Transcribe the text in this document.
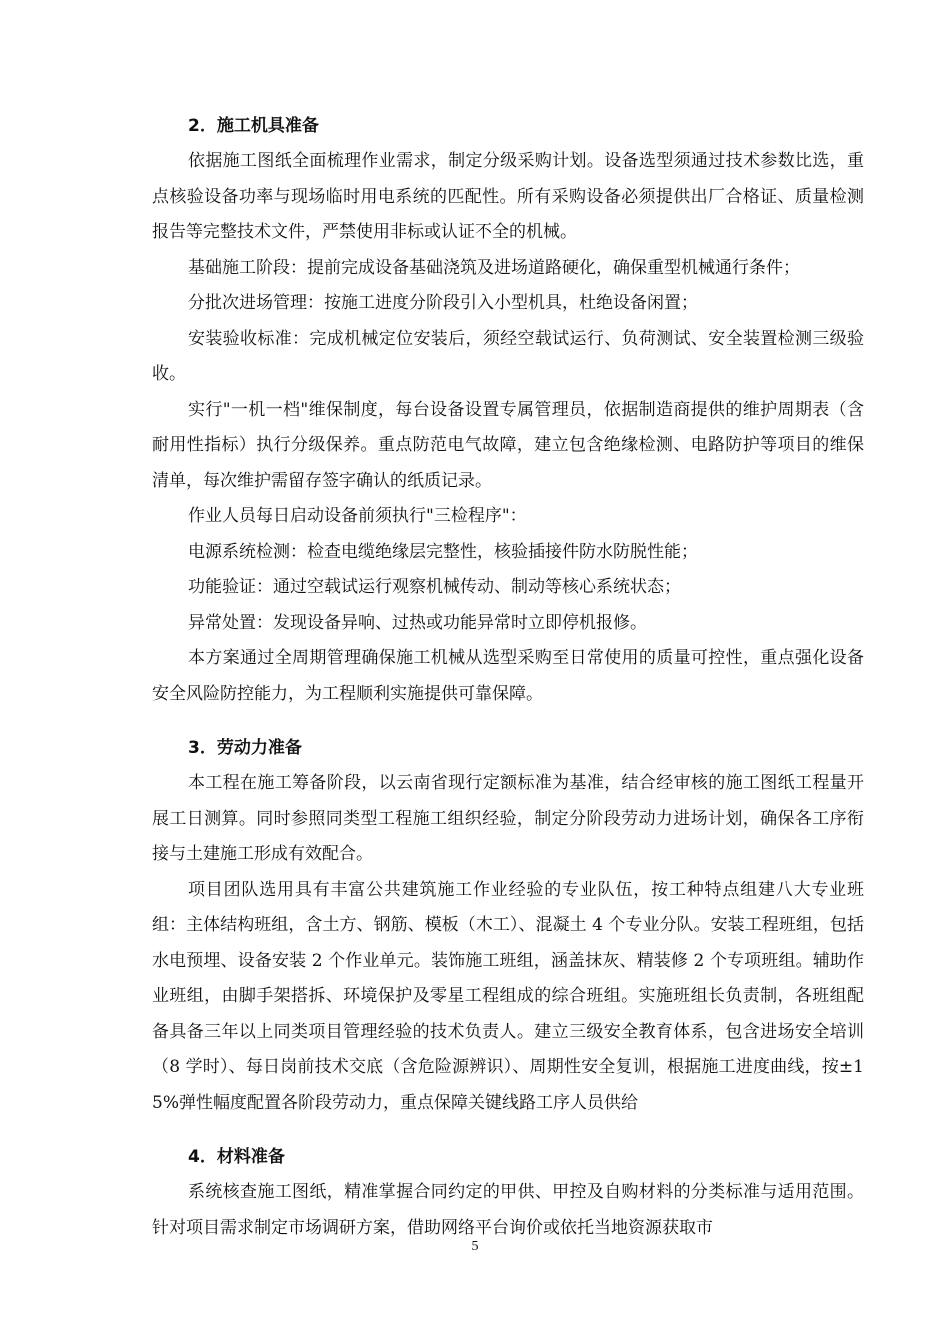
2．施工机具准备

依据施工图纸全面梳理作业需求，制定分级采购计划。设备选型须通过技术参数比选，重点核验设备功率与现场临时用电系统的匹配性。所有采购设备必须提供出厂合格证、质量检测报告等完整技术文件，严禁使用非标或认证不全的机械。

基础施工阶段：提前完成设备基础浇筑及进场道路硬化，确保重型机械通行条件；

分批次进场管理：按施工进度分阶段引入小型机具，杜绝设备闲置；

安装验收标准：完成机械定位安装后，须经空载试运行、负荷测试、安全装置检测三级验收。

实行"一机一档"维保制度，每台设备设置专属管理员，依据制造商提供的维护周期表（含耐用性指标）执行分级保养。重点防范电气故障，建立包含绝缘检测、电路防护等项目的维保清单，每次维护需留存签字确认的纸质记录。

作业人员每日启动设备前须执行"三检程序"：

电源系统检测：检查电缆绝缘层完整性，核验插接件防水防脱性能；

功能验证：通过空载试运行观察机械传动、制动等核心系统状态；

异常处置：发现设备异响、过热或功能异常时立即停机报修。

本方案通过全周期管理确保施工机械从选型采购至日常使用的质量可控性，重点强化设备安全风险防控能力，为工程顺利实施提供可靠保障。

3．劳动力准备

本工程在施工筹备阶段，以云南省现行定额标准为基准，结合经审核的施工图纸工程量开展工日测算。同时参照同类型工程施工组织经验，制定分阶段劳动力进场计划，确保各工序衔接与土建施工形成有效配合。

项目团队选用具有丰富公共建筑施工作业经验的专业队伍，按工种特点组建八大专业班组：主体结构班组，含土方、钢筋、模板（木工）、混凝土 4 个专业分队。安装工程班组，包括水电预埋、设备安装 2 个作业单元。装饰施工班组，涵盖抹灰、精装修 2 个专项班组。辅助作业班组，由脚手架搭拆、环境保护及零星工程组成的综合班组。实施班组长负责制，各班组配备具备三年以上同类项目管理经验的技术负责人。建立三级安全教育体系，包含进场安全培训（8 学时）、每日岗前技术交底（含危险源辨识）、周期性安全复训，根据施工进度曲线，按±15%弹性幅度配置各阶段劳动力，重点保障关键线路工序人员供给

4．材料准备

系统核查施工图纸，精准掌握合同约定的甲供、甲控及自购材料的分类标准与适用范围。针对项目需求制定市场调研方案，借助网络平台询价或依托当地资源获取市

5
